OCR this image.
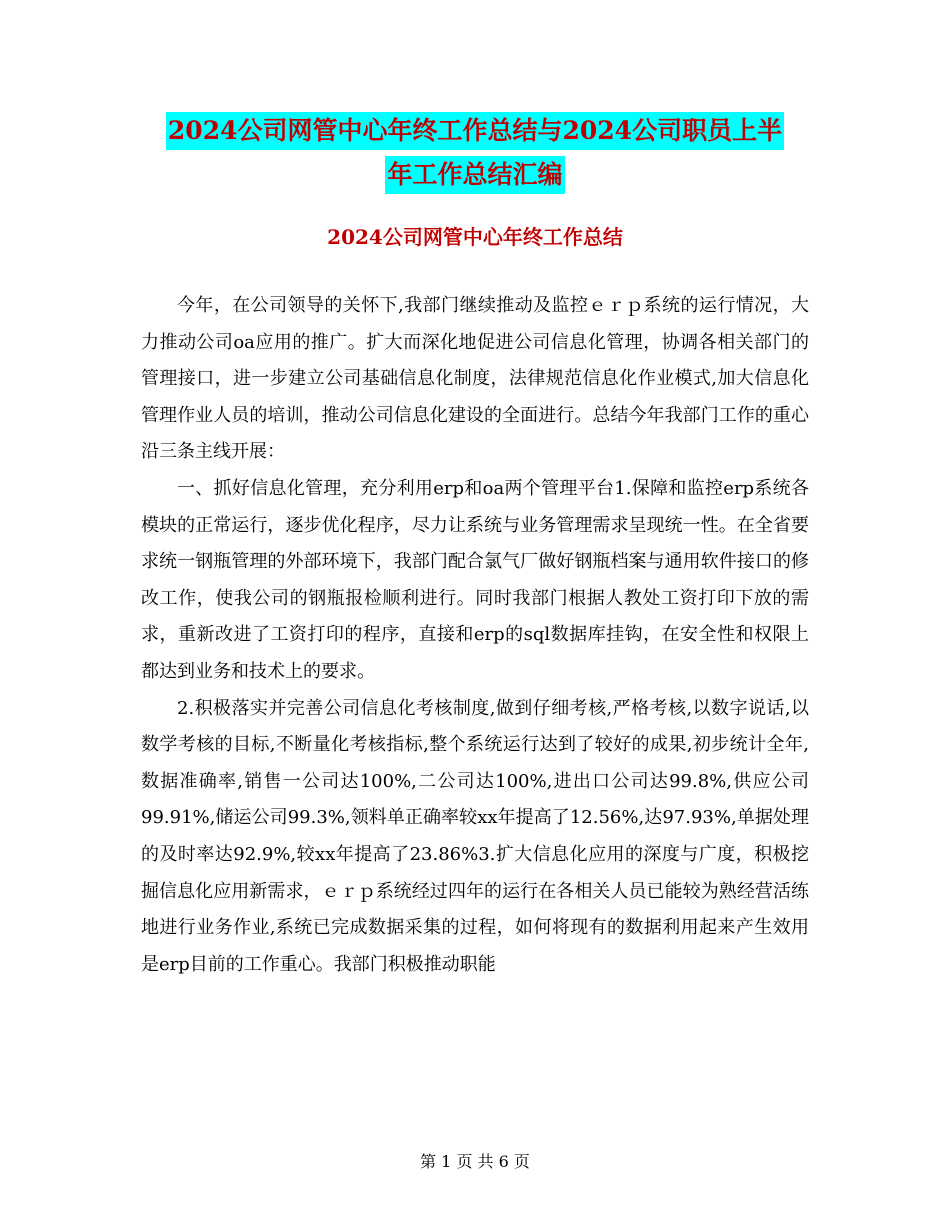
2024公司网管中心年终工作总结与2024公司职员上半
年工作总结汇编
2024公司网管中心年终工作总结

今年，在公司领导的关怀下,我部门继续推动及监控ｅｒｐ系统的运行情况，大力推动公司oa应用的推广。扩大而深化地促进公司信息化管理，协调各相关部门的管理接口，进一步建立公司基础信息化制度，法律规范信息化作业模式,加大信息化管理作业人员的培训，推动公司信息化建设的全面进行。总结今年我部门工作的重心沿三条主线开展：

一、抓好信息化管理，充分利用erp和oa两个管理平台1.保障和监控erp系统各模块的正常运行，逐步优化程序，尽力让系统与业务管理需求呈现统一性。在全省要求统一钢瓶管理的外部环境下，我部门配合氯气厂做好钢瓶档案与通用软件接口的修改工作，使我公司的钢瓶报检顺利进行。同时我部门根据人教处工资打印下放的需求，重新改进了工资打印的程序，直接和erp的sql数据库挂钩，在安全性和权限上都达到业务和技术上的要求。

2.积极落实并完善公司信息化考核制度,做到仔细考核,严格考核,以数字说话,以数学考核的目标,不断量化考核指标,整个系统运行达到了较好的成果,初步统计全年,数据准确率,销售一公司达100%,二公司达100%,进出口公司达99.8%,供应公司99.91%,储运公司99.3%,领料单正确率较xx年提高了12.56%,达97.93%,单据处理的及时率达92.9%,较xx年提高了23.86%3.扩大信息化应用的深度与广度，积极挖掘信息化应用新需求，ｅｒｐ系统经过四年的运行在各相关人员已能较为熟经营活练地进行业务作业,系统已完成数据采集的过程，如何将现有的数据利用起来产生效用是erp目前的工作重心。我部门积极推动职能

第 1 页 共 6 页
